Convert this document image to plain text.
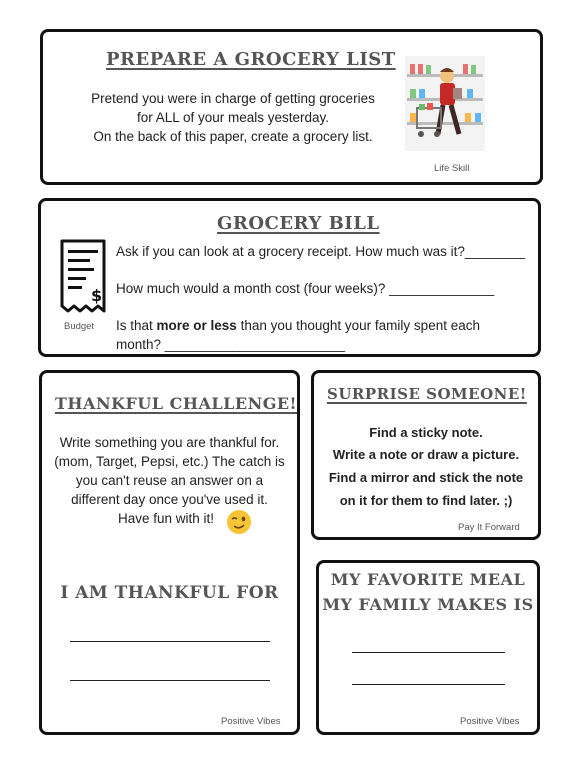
PREPARE A GROCERY LIST
Pretend you were in charge of getting groceries
for ALL of your meals yesterday.
On the back of this paper, create a grocery list.
Life Skill
GROCERY BILL
$
Budget
Ask if you can look at a grocery receipt. How much was it?________
How much would a month cost (four weeks)? ______________
Is that more or less than you thought your family spent each
month? ________________________
THANKFUL CHALLENGE!
Write something you are thankful for.
(mom, Target, Pepsi, etc.) The catch is
you can't reuse an answer on a
different day once you've used it.
Have fun with it!
I AM THANKFUL FOR
Positive Vibes
SURPRISE SOMEONE!
Find a sticky note.
Write a note or draw a picture.
Find a mirror and stick the note
on it for them to find later. ;)
Pay It Forward
MY FAVORITE MEAL
MY FAMILY MAKES IS
Positive Vibes
